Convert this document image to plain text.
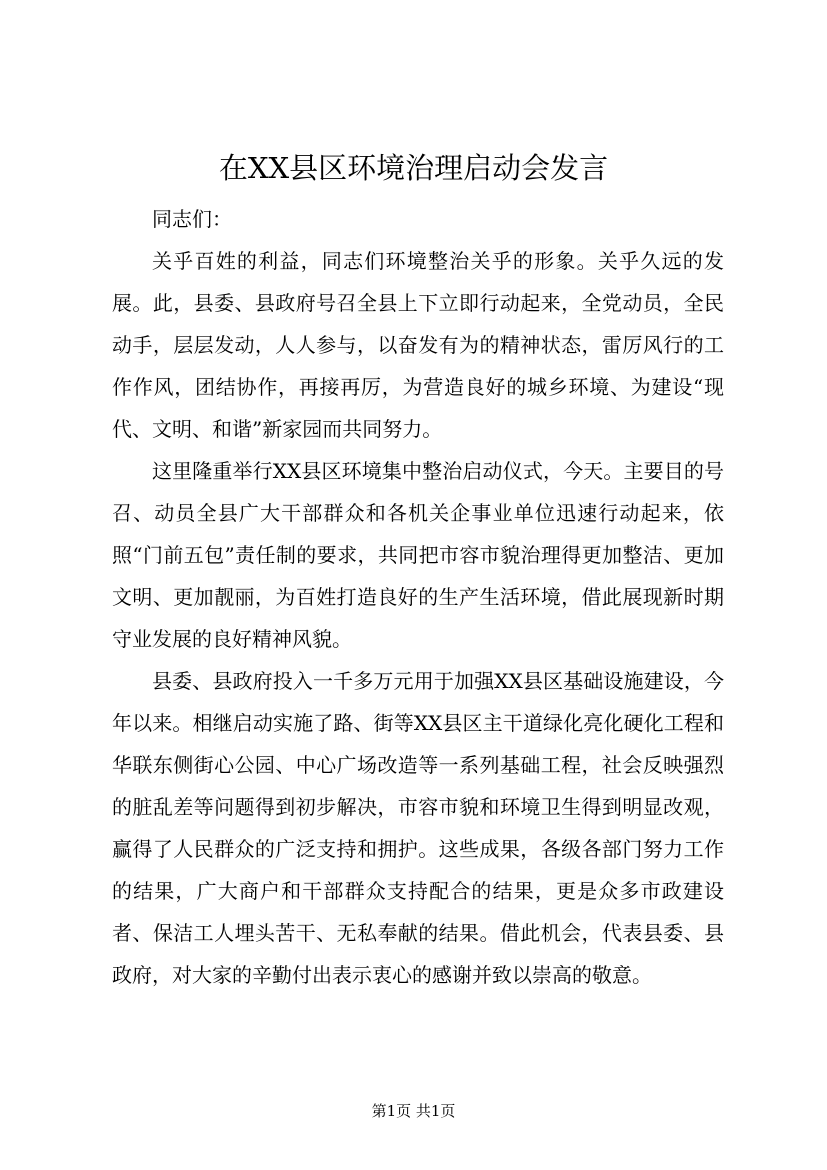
在XX县区环境治理启动会发言

同志们：

关乎百姓的利益，同志们环境整治关乎的形象。关乎久远的发展。此，县委、县政府号召全县上下立即行动起来，全党动员，全民动手，层层发动，人人参与，以奋发有为的精神状态，雷厉风行的工作作风，团结协作，再接再厉，为营造良好的城乡环境、为建设“现代、文明、和谐”新家园而共同努力。

这里隆重举行XX县区环境集中整治启动仪式，今天。主要目的号召、动员全县广大干部群众和各机关企事业单位迅速行动起来，依照“门前五包”责任制的要求，共同把市容市貌治理得更加整洁、更加文明、更加靓丽，为百姓打造良好的生产生活环境，借此展现新时期守业发展的良好精神风貌。

县委、县政府投入一千多万元用于加强XX县区基础设施建设，今年以来。相继启动实施了路、街等XX县区主干道绿化亮化硬化工程和华联东侧街心公园、中心广场改造等一系列基础工程，社会反映强烈的脏乱差等问题得到初步解决，市容市貌和环境卫生得到明显改观，赢得了人民群众的广泛支持和拥护。这些成果，各级各部门努力工作的结果，广大商户和干部群众支持配合的结果，更是众多市政建设者、保洁工人埋头苦干、无私奉献的结果。借此机会，代表县委、县政府，对大家的辛勤付出表示衷心的感谢并致以崇高的敬意。

第1页 共1页
